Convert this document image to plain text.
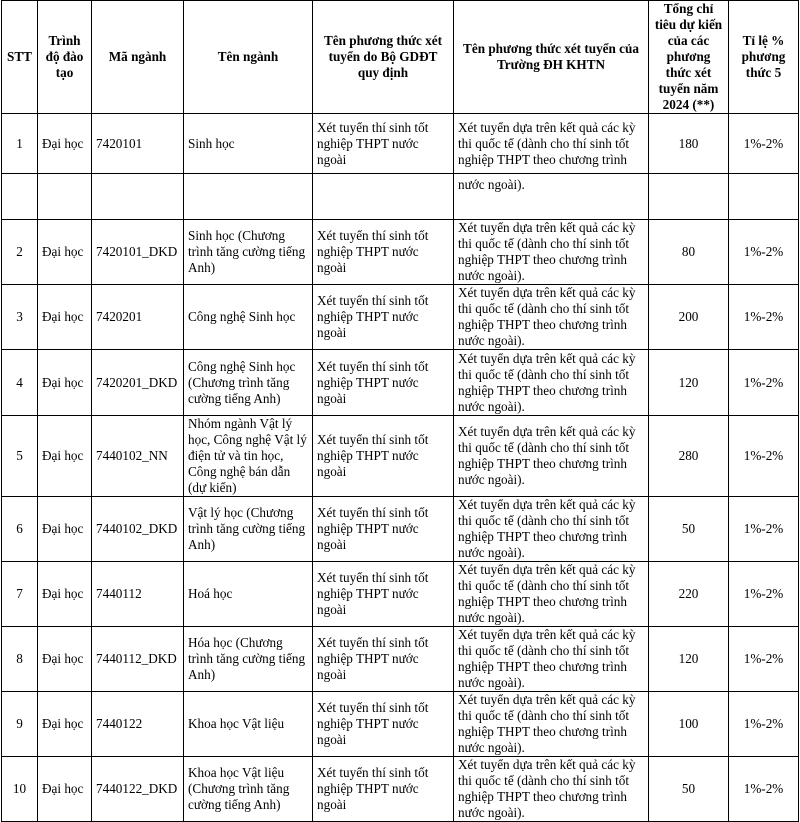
STT	Trình độ đào tạo	Mã ngành	Tên ngành	Tên phương thức xét tuyển do Bộ GDĐT quy định	Tên phương thức xét tuyển của Trường ĐH KHTN	Tổng chỉ tiêu dự kiến của các phương thức xét tuyển năm 2024 (**)	Tỉ lệ % phương thức 5
1	Đại học	7420101	Sinh học	Xét tuyển thí sinh tốt nghiệp THPT nước ngoài	Xét tuyển dựa trên kết quả các kỳ thi quốc tế (dành cho thí sinh tốt nghiệp THPT theo chương trình	180	1%-2%
					nước ngoài).		
2	Đại học	7420101_DKD	Sinh học (Chương trình tăng cường tiếng Anh)	Xét tuyển thí sinh tốt nghiệp THPT nước ngoài	Xét tuyển dựa trên kết quả các kỳ thi quốc tế (dành cho thí sinh tốt nghiệp THPT theo chương trình nước ngoài).	80	1%-2%
3	Đại học	7420201	Công nghệ Sinh học	Xét tuyển thí sinh tốt nghiệp THPT nước ngoài	Xét tuyển dựa trên kết quả các kỳ thi quốc tế (dành cho thí sinh tốt nghiệp THPT theo chương trình nước ngoài).	200	1%-2%
4	Đại học	7420201_DKD	Công nghệ Sinh học (Chương trình tăng cường tiếng Anh)	Xét tuyển thí sinh tốt nghiệp THPT nước ngoài	Xét tuyển dựa trên kết quả các kỳ thi quốc tế (dành cho thí sinh tốt nghiệp THPT theo chương trình nước ngoài).	120	1%-2%
5	Đại học	7440102_NN	Nhóm ngành Vật lý học, Công nghệ Vật lý điện tử và tin học, Công nghệ bán dẫn (dự kiến)	Xét tuyển thí sinh tốt nghiệp THPT nước ngoài	Xét tuyển dựa trên kết quả các kỳ thi quốc tế (dành cho thí sinh tốt nghiệp THPT theo chương trình nước ngoài).	280	1%-2%
6	Đại học	7440102_DKD	Vật lý học (Chương trình tăng cường tiếng Anh)	Xét tuyển thí sinh tốt nghiệp THPT nước ngoài	Xét tuyển dựa trên kết quả các kỳ thi quốc tế (dành cho thí sinh tốt nghiệp THPT theo chương trình nước ngoài).	50	1%-2%
7	Đại học	7440112	Hoá học	Xét tuyển thí sinh tốt nghiệp THPT nước ngoài	Xét tuyển dựa trên kết quả các kỳ thi quốc tế (dành cho thí sinh tốt nghiệp THPT theo chương trình nước ngoài).	220	1%-2%
8	Đại học	7440112_DKD	Hóa học (Chương trình tăng cường tiếng Anh)	Xét tuyển thí sinh tốt nghiệp THPT nước ngoài	Xét tuyển dựa trên kết quả các kỳ thi quốc tế (dành cho thí sinh tốt nghiệp THPT theo chương trình nước ngoài).	120	1%-2%
9	Đại học	7440122	Khoa học Vật liệu	Xét tuyển thí sinh tốt nghiệp THPT nước ngoài	Xét tuyển dựa trên kết quả các kỳ thi quốc tế (dành cho thí sinh tốt nghiệp THPT theo chương trình nước ngoài).	100	1%-2%
10	Đại học	7440122_DKD	Khoa học Vật liệu (Chương trình tăng cường tiếng Anh)	Xét tuyển thí sinh tốt nghiệp THPT nước ngoài	Xét tuyển dựa trên kết quả các kỳ thi quốc tế (dành cho thí sinh tốt nghiệp THPT theo chương trình nước ngoài).	50	1%-2%
